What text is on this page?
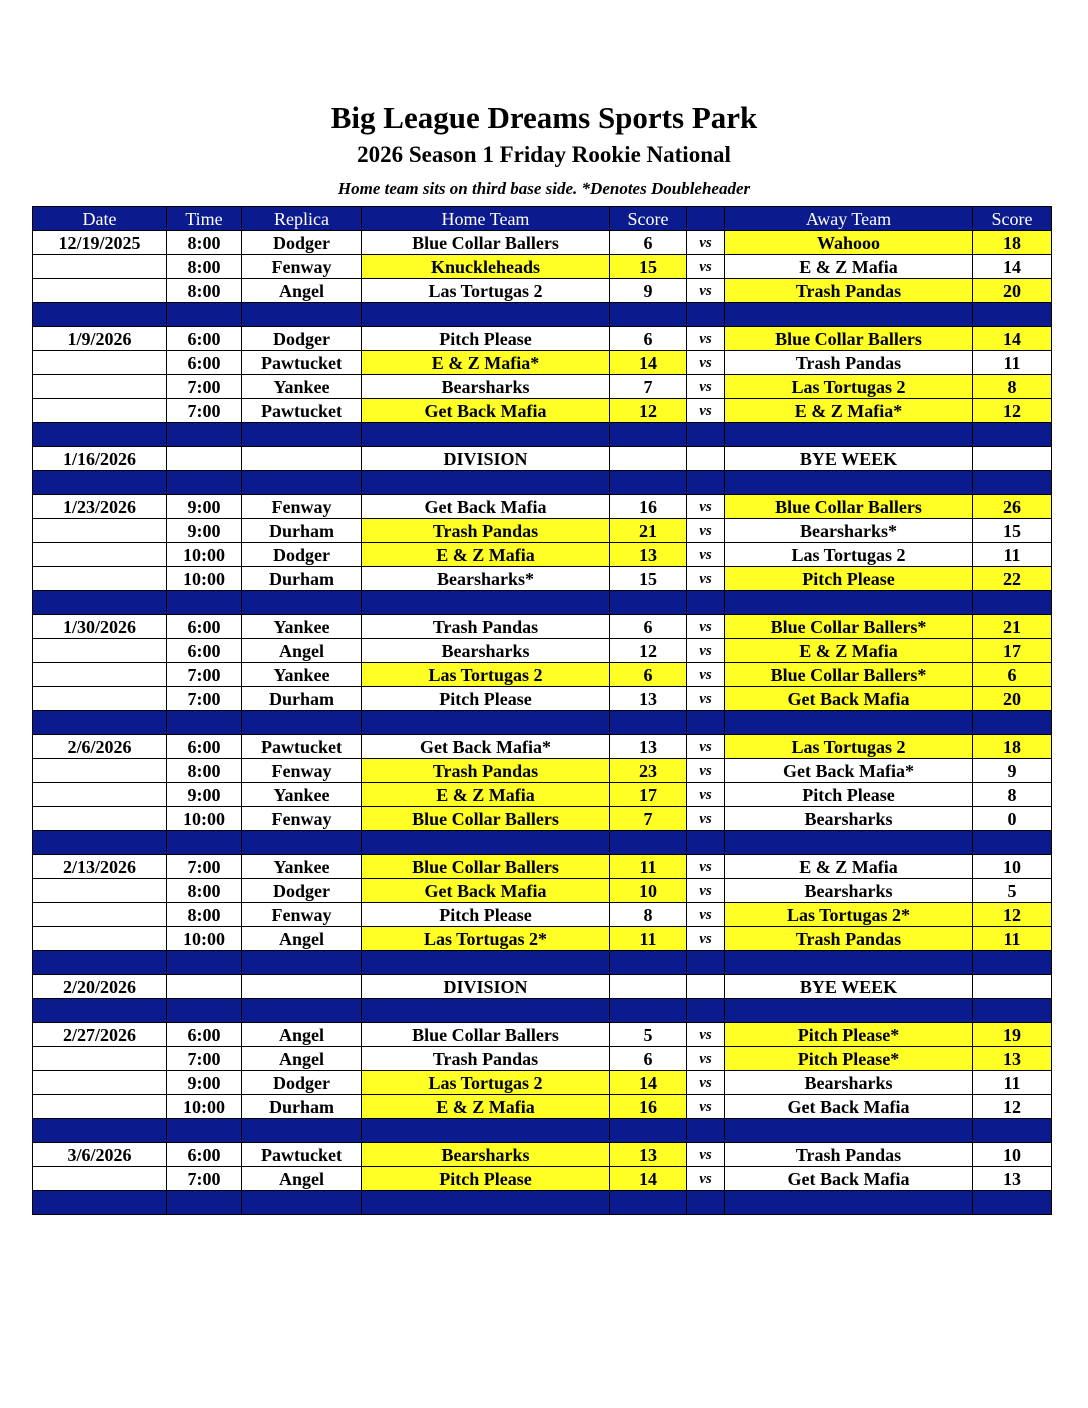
Big League Dreams Sports Park
2026 Season 1 Friday Rookie National
Home team sits on third base side. *Denotes Doubleheader
Date	Time	Replica	Home Team	Score		Away Team	Score
12/19/2025	8:00	Dodger	Blue Collar Ballers	6	vs	Wahooo	18
	8:00	Fenway	Knuckleheads	15	vs	E & Z Mafia	14
	8:00	Angel	Las Tortugas 2	9	vs	Trash Pandas	20

1/9/2026	6:00	Dodger	Pitch Please	6	vs	Blue Collar Ballers	14
	6:00	Pawtucket	E & Z Mafia*	14	vs	Trash Pandas	11
	7:00	Yankee	Bearsharks	7	vs	Las Tortugas 2	8
	7:00	Pawtucket	Get Back Mafia	12	vs	E & Z Mafia*	12

1/16/2026			DIVISION			BYE WEEK	

1/23/2026	9:00	Fenway	Get Back Mafia	16	vs	Blue Collar Ballers	26
	9:00	Durham	Trash Pandas	21	vs	Bearsharks*	15
	10:00	Dodger	E & Z Mafia	13	vs	Las Tortugas 2	11
	10:00	Durham	Bearsharks*	15	vs	Pitch Please	22

1/30/2026	6:00	Yankee	Trash Pandas	6	vs	Blue Collar Ballers*	21
	6:00	Angel	Bearsharks	12	vs	E & Z Mafia	17
	7:00	Yankee	Las Tortugas 2	6	vs	Blue Collar Ballers*	6
	7:00	Durham	Pitch Please	13	vs	Get Back Mafia	20

2/6/2026	6:00	Pawtucket	Get Back Mafia*	13	vs	Las Tortugas 2	18
	8:00	Fenway	Trash Pandas	23	vs	Get Back Mafia*	9
	9:00	Yankee	E & Z Mafia	17	vs	Pitch Please	8
	10:00	Fenway	Blue Collar Ballers	7	vs	Bearsharks	0

2/13/2026	7:00	Yankee	Blue Collar Ballers	11	vs	E & Z Mafia	10
	8:00	Dodger	Get Back Mafia	10	vs	Bearsharks	5
	8:00	Fenway	Pitch Please	8	vs	Las Tortugas 2*	12
	10:00	Angel	Las Tortugas 2*	11	vs	Trash Pandas	11

2/20/2026			DIVISION			BYE WEEK	

2/27/2026	6:00	Angel	Blue Collar Ballers	5	vs	Pitch Please*	19
	7:00	Angel	Trash Pandas	6	vs	Pitch Please*	13
	9:00	Dodger	Las Tortugas 2	14	vs	Bearsharks	11
	10:00	Durham	E & Z Mafia	16	vs	Get Back Mafia	12

3/6/2026	6:00	Pawtucket	Bearsharks	13	vs	Trash Pandas	10
	7:00	Angel	Pitch Please	14	vs	Get Back Mafia	13
